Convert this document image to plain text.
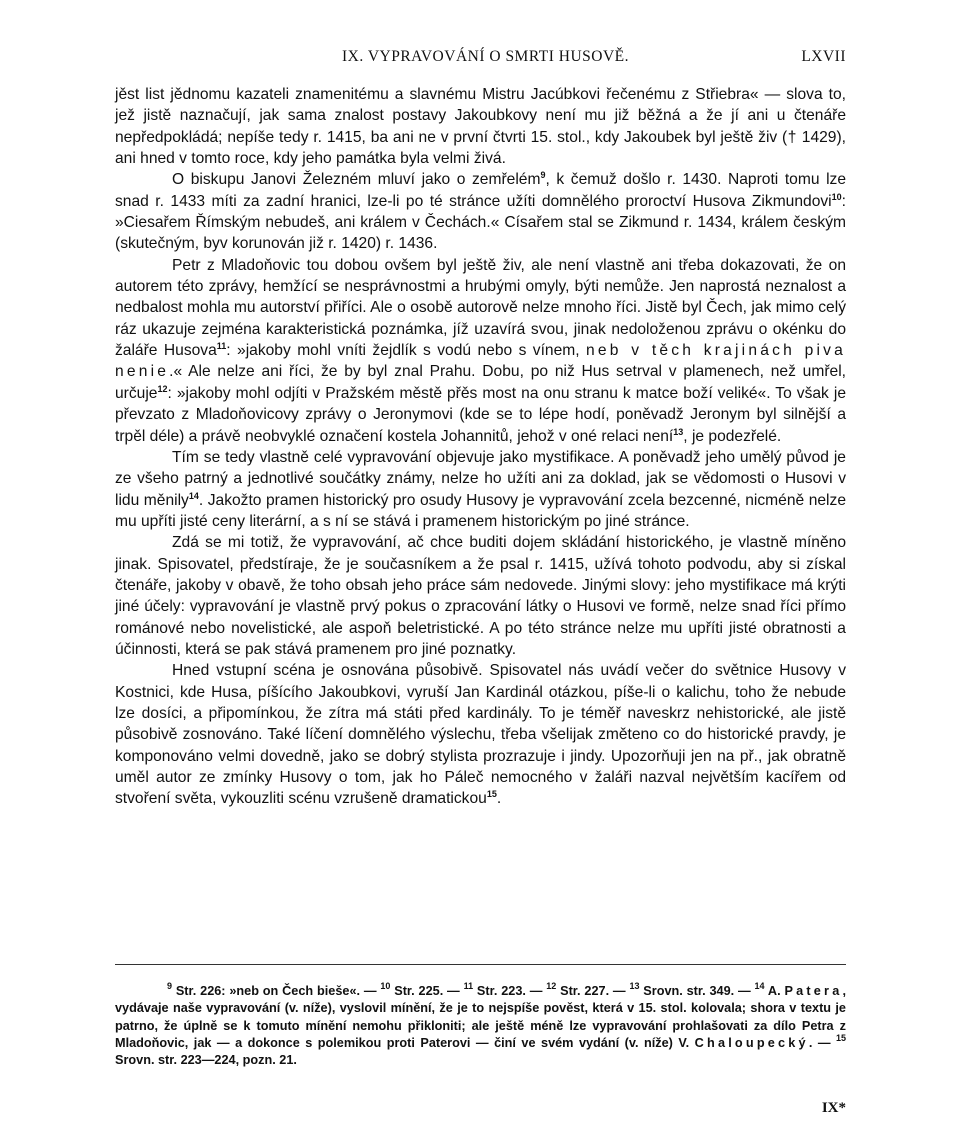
IX. VYPRAVOVÁNÍ O SMRTI HUSOVĚ.	LXVII

jěst list jědnomu kazateli znamenitému a slavnému Mistru Jacúbkovi řečenému z Střiebra« — slova to, jež jistě naznačují, jak sama znalost postavy Jakoubkovy není mu již běžná a že jí ani u čtenáře nepředpokládá; nepíše tedy r. 1415, ba ani ne v první čtvrti 15. stol., kdy Jakoubek byl ještě živ († 1429), ani hned v tomto roce, kdy jeho památka byla velmi živá.

O biskupu Janovi Železném mluví jako o zemřelém$^9$, k čemuž došlo r. 1430. Naproti tomu lze snad r. 1433 míti za zadní hranici, lze-li po té stránce užíti domnělého proroctví Husova Zikmundovi$^{10}$: »Ciesařem Římským nebudeš, ani králem v Čechách.« Císařem stal se Zikmund r. 1434, králem českým (skutečným, byv korunován již r. 1420) r. 1436.

Petr z Mladoňovic tou dobou ovšem byl ještě živ, ale není vlastně ani třeba dokazovati, že on autorem této zprávy, hemžící se nesprávnostmi a hrubými omyly, býti nemůže. Jen naprostá neznalost a nedbalost mohla mu autorství přiříci. Ale o osobě autorově nelze mnoho říci. Jistě byl Čech, jak mimo celý ráz ukazuje zejména karakteristická poznámka, jíž uzavírá svou, jinak nedoloženou zprávu o okénku do žaláře Husova$^{11}$: »jakoby mohl vníti žejdlík s vodú nebo s vínem, neb v těch krajinách piva nenie.« Ale nelze ani říci, že by byl znal Prahu. Dobu, po niž Hus setrval v plamenech, než umřel, určuje$^{12}$: »jakoby mohl odjíti v Pražském městě přěs most na onu stranu k matce boží veliké«. To však je převzato z Mladoňovicovy zprávy o Jeronymovi (kde se to lépe hodí, poněvadž Jeronym byl silnější a trpěl déle) a právě neobvyklé označení kostela Johannitů, jehož v oné relaci není$^{13}$, je podezřelé.

Tím se tedy vlastně celé vypravování objevuje jako mystifikace. A poněvadž jeho umělý původ je ze všeho patrný a jednotlivé součátky známy, nelze ho užíti ani za doklad, jak se vědomosti o Husovi v lidu měnily$^{14}$. Jakožto pramen historický pro osudy Husovy je vypravování zcela bezcenné, nicméně nelze mu upříti jisté ceny literární, a s ní se stává i pramenem historickým po jiné stránce.

Zdá se mi totiž, že vypravování, ač chce buditi dojem skládání historického, je vlastně míněno jinak. Spisovatel, předstíraje, že je současníkem a že psal r. 1415, užívá tohoto podvodu, aby si získal čtenáře, jakoby v obavě, že toho obsah jeho práce sám nedovede. Jinými slovy: jeho mystifikace má krýti jiné účely: vypravování je vlastně prvý pokus o zpracování látky o Husovi ve formě, nelze snad říci přímo románové nebo novelistické, ale aspoň beletristické. A po této stránce nelze mu upříti jisté obratnosti a účinnosti, která se pak stává pramenem pro jiné poznatky.

Hned vstupní scéna je osnována působivě. Spisovatel nás uvádí večer do světnice Husovy v Kostnici, kde Husa, píšícího Jakoubkovi, vyruší Jan Kardinál otázkou, píše-li o kalichu, toho že nebude lze dosíci, a připomínkou, že zítra má státi před kardinály. To je téměř naveskrz nehistorické, ale jistě působivě zosnováno. Také líčení domnělého výslechu, třeba všelijak změteno co do historické pravdy, je komponováno velmi dovedně, jako se dobrý stylista prozrazuje i jindy. Upozorňuji jen na př., jak obratně uměl autor ze zmínky Husovy o tom, jak ho Páleč nemocného v žaláři nazval největším kacířem od stvoření světa, vykouzliti scénu vzrušeně dramatickou$^{15}$.

$^9$ Str. 226: »neb on Čech bieše«. — $^{10}$ Str. 225. — $^{11}$ Str. 223. — $^{12}$ Str. 227. — $^{13}$ Srovn. str. 349. — $^{14}$ A. Patera, vydávaje naše vypravování (v. níže), vyslovil mínění, že je to nejspíše pověst, která v 15. stol. kolovala; shora v textu je patrno, že úplně se k tomuto mínění nemohu přikloniti; ale ještě méně lze vypravování prohlašovati za dílo Petra z Mladoňovic, jak — a dokonce s polemikou proti Paterovi — činí ve svém vydání (v. níže) V. Chaloupecký. — $^{15}$ Srovn. str. 223—224, pozn. 21.

IX*
